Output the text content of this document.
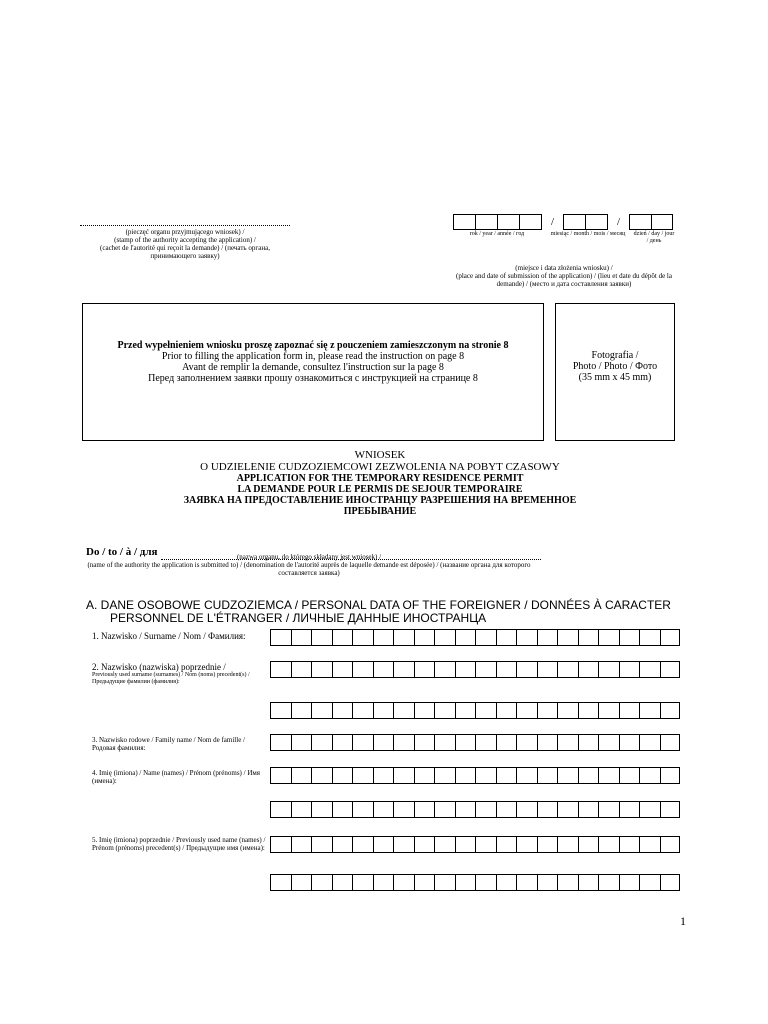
(pieczęć organu przyjmującego wniosek) /
(stamp of the authority accepting the application) /
(cachet de l'autorité qui reçoit la demande) / (печать органа, принимающего заявку)
/	/
rok / year / année / год	miesiąc / month / mois / месяц	dzień / day / jour / день
(miejsce i data złożenia wniosku) /
(place and date of submission of the application) / (lieu et date du dépôt de la demande) / (место и дата составления заявки)
Przed wypełnieniem wniosku proszę zapoznać się z pouczeniem zamieszczonym na stronie 8
Prior to filling the application form in, please read the instruction on page 8
Avant de remplir la demande, consultez l'instruction sur la page 8
Перед заполнением заявки прошу ознакомиться с инструкцией на странице 8
Fotografia /
Photo / Photo / Фото
(35 mm x 45 mm)
WNIOSEK
O UDZIELENIE CUDZOZIEMCOWI ZEZWOLENIA NA POBYT CZASOWY
APPLICATION FOR THE TEMPORARY RESIDENCE PERMIT
LA DEMANDE POUR LE PERMIS DE SEJOUR TEMPORAIRE
ЗАЯВКА НА ПРЕДОСТАВЛЕНИЕ ИНОСТРАНЦУ РАЗРЕШЕНИЯ НА ВРЕМЕННОЕ
ПРЕБЫВАНИЕ
Do / to / à / для	(nazwa organu, do którego składany jest wniosek) /
(name of the authority the application is submitted to) / (denomination de l'autorité auprès de laquelle demande est déposée) / (название органа для которого составляется заявка)
A. DANE OSOBOWE CUDZOZIEMCA / PERSONAL DATA OF THE FOREIGNER / DONNÉES À CARACTER
PERSONNEL DE L'ÉTRANGER / ЛИЧНЫЕ ДАННЫЕ ИНОСТРАНЦА
1. Nazwisko / Surname / Nom / Фамилия:
2. Nazwisko (nazwiska) poprzednie /
Previously used surname (surnames) / Nom (noms) precedent(s) / Предыдущие фамилии (фамилия):
3. Nazwisko rodowe / Family name / Nom de famille / Родовая фамилия:
4. Imię (imiona) / Name (names) / Prénom (prénoms) / Имя (имена):
5. Imię (imiona) poprzednie / Previously used name (names) / Prénom (prénoms) precedent(s) / Предыдущие имя (имена):
1
